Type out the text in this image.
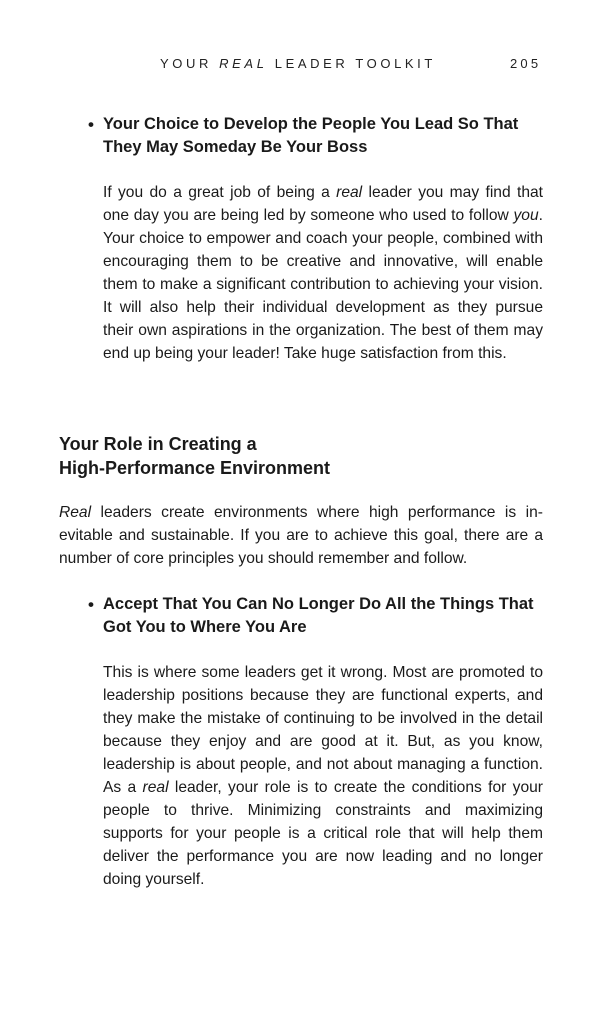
YOUR REAL LEADER TOOLKIT	205
• Your Choice to Develop the People You Lead So That They May Someday Be Your Boss
If you do a great job of being a real leader you may find that one day you are being led by someone who used to follow you. Your choice to empower and coach your people, combined with encouraging them to be creative and innovative, will enable them to make a significant contribution to achieving your vision. It will also help their individual development as they pursue their own aspirations in the organization. The best of them may end up being your leader! Take huge satisfaction from this.
Your Role in Creating a
High-Performance Environment
Real leaders create environments where high performance is inevitable and sustainable. If you are to achieve this goal, there are a number of core principles you should remember and follow.
• Accept That You Can No Longer Do All the Things That Got You to Where You Are
This is where some leaders get it wrong. Most are promoted to leadership positions because they are functional experts, and they make the mistake of continuing to be involved in the detail because they enjoy and are good at it. But, as you know, leadership is about people, and not about managing a function. As a real leader, your role is to create the conditions for your people to thrive. Minimizing constraints and maximizing supports for your people is a critical role that will help them deliver the performance you are now leading and no longer doing yourself.
